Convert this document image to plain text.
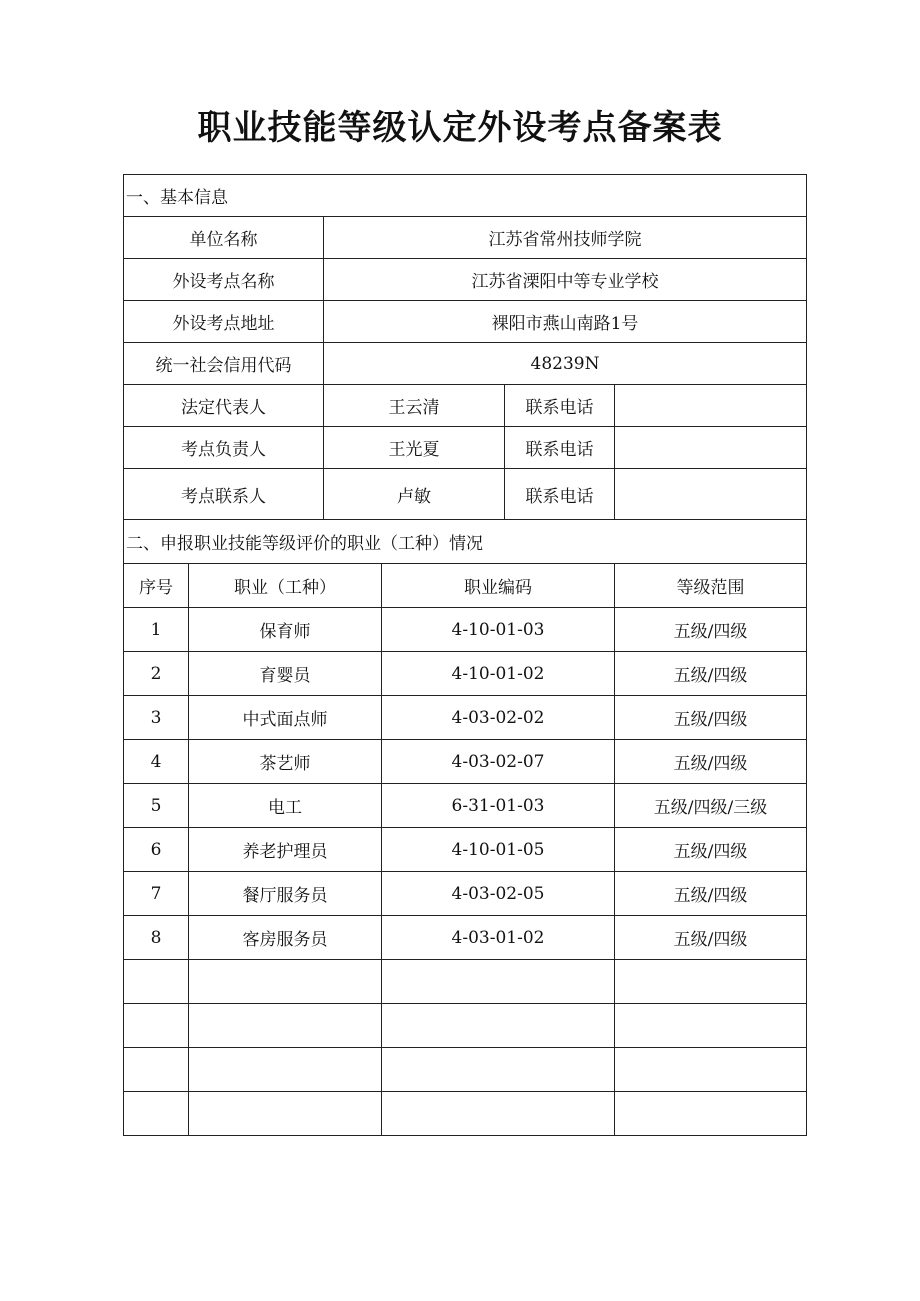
职业技能等级认定外设考点备案表
一、基本信息					
单位名称		江苏省常州技师学院			
外设考点名称		江苏省溧阳中等专业学校			
外设考点地址		裸阳市燕山南路1号			
统一社会信用代码		48239N			
法定代表人		王云清		联系电话	
考点负责人		王光夏		联系电话	
考点联系人		卢敏		联系电话	
二、申报职业技能等级评价的职业（工种）情况					
序号	职业（工种）		职业编码		等级范围
1	保育师		4-10-01-03		五级/四级
2	育婴员		4-10-01-02		五级/四级
3	中式面点师		4-03-02-02		五级/四级
4	茶艺师		4-03-02-07		五级/四级
5	电工		6-31-01-03		五级/四级/三级
6	养老护理员		4-10-01-05		五级/四级
7	餐厅服务员		4-03-02-05		五级/四级
8	客房服务员		4-03-01-02		五级/四级
